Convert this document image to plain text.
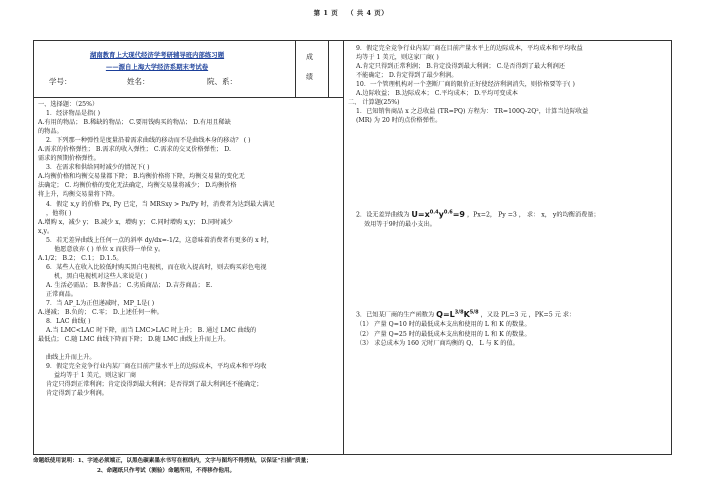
第 1 页 （ 共 4 页）
湖南教育上大现代经济学考研辅导班内部练习题
——源自上海大学经济系期末考试卷
学号：	姓名：	院、系：
成
绩
一、选择题：（25%）
1．经济物品是指( )
A.有用的物品； B.稀缺的物品； C.要用钱购买的物品； D.有用且稀缺
的物品。
2．下列那一种弹性是度量沿着需求曲线的移动而不是曲线本身的移动？ ( )
A.需求的价格弹性； B.需求的收入弹性； C.需求的交叉价格弹性； D.
需求的预期价格弹性。
3．在需求和供给同时减少的情况下( )
A.均衡价格和均衡交易量都下降； B.均衡价格将下降，均衡交易量的变化无
法确定； C. 均衡价格的变化无法确定，均衡交易量将减少； D.均衡价格
将上升，均衡交易量将下降。
4．假定 x,y 的价格 Px, Py 已定，当 MRSxy > Px/Py 时，消费者为达到最大满足
，他将( )
A.增购 x，减少 y； B.减少 x，增购 y； C.同时增购 x,y； D.同时减少
x,y。
5．若无差异曲线上任何一点的斜率 dy/dx=-1/2，这意味着消费者有更多的 x 时，
他愿意放弃 ( ) 单位 x 而获得一单位 y。
A.1/2； B.2； C.1； D.1.5。
6．某些人在收入比较低时购买黑白电视机，而在收入提高时，则去购买彩色电视
机，黑白电视机对这些人来说是( )
A. 生活必需品； B.奢侈品； C.劣质商品； D.吉芬商品； E.
正常商品。
7．当 AP_L为正但递减时，MP_L是( )
A.递减； B.负的； C.零； D.上述任何一种。
8．LAC 曲线( )
A.当 LMC<LAC 时下降，而当 LMC>LAC 时上升； B. 通过 LMC 曲线的
最低点； C.随 LMC 曲线下降而下降； D.随 LMC 曲线上升而上升。
曲线上升而上升。
9．假定完全竞争行业内某厂商在目前产量水平上的边际成本，平均成本和平均收
益均等于 1 美元，则这家厂商
肯定只得到正常利润；肯定没得到最大利润；是否得到了最大利润还不能确定；
肯定得到了最少利润。
9．假定完全竞争行业内某厂商在目前产量水平上的边际成本，平均成本和平均收益
均等于 1 美元，则这家厂商( )
A.肯定只得到正常利润； B.肯定没得到最大利润； C.是否得到了最大利润还
不能确定； D.肯定得到了最少利润。
10．一个管理机构对一个垄断厂商的限价正好使经济利润消失，则价格要等于( )
A.边际收益； B.边际成本； C.平均成本； D.平均可变成本
二、 计算题(25%)
1．已知销售商品 x 之总收益 (TR=PQ) 方程为： TR=100Q-2Q²，计算当边际收益
(MR) 为 20 时的点价格弹性。
2．设无差异曲线为 $U=x^{0.4}y^{0.6}=9$ ，Px=2， Py =3 ， 求： x， y的均衡消费量；
效用等于9时的最小支出。
3．已知某厂商的生产函数为 $Q=L^{3/8}K^{5/8}$ ，又设 PL=3 元 ，PK=5 元 求：
（1） 产量 Q=10 时的最低成本支出和使用的 L 和 K 的数量。
（2） 产量 Q=25 时的最低成本支出和使用的 L 和 K 的数量。
（3） 求总成本为 160 元时厂商均衡的 Q、 L 与 K 的值。
命题纸使用说明：1、字迹必须端正，以黑色碳素墨水书写在框线内，文字与图均不得剪贴，以保证“扫描”质量；
2、命题纸只作考试（测验）命题所用，不得移作他用。
